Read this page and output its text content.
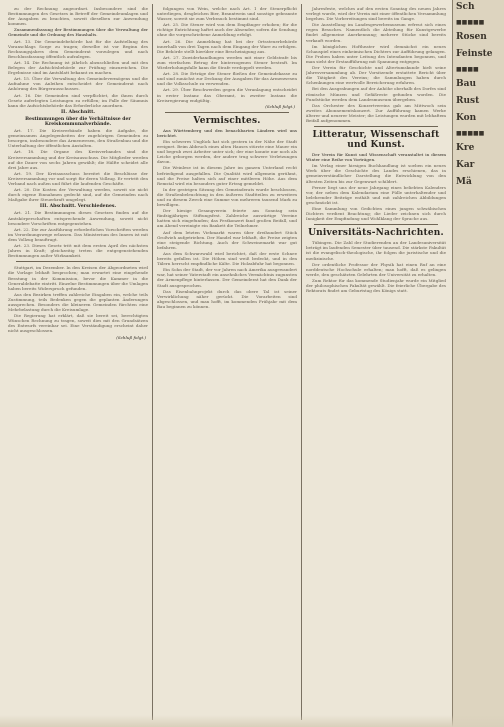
zu der Rechnung angeordnet. Insbesondere sind die Bestimmungen des Gesetzes in Betreff der Gemeindeumlagen und der Ausgaben zu beachten, soweit dieselben zur Anwendung kommen.

Zusammenfassung der Bestimmungen über die Verwaltung der Gemeinde und die Ordnung des Haushalts.

Art. 13. Die Gemeindebehörde hat für die Aufstellung des Voranschlags Sorge zu tragen; derselbe ist vor Beginn des Rechnungsjahres dem Gemeinderat vorzulegen und nach Beschlussfassung öffentlich aufzulegen.

Art. 14. Die Rechnung ist jährlich abzuschließen und mit den Belegen der Aufsichtsbehörde zur Prüfung einzureichen. Die Ergebnisse sind im Amtsblatt bekannt zu machen.

Art. 15. Über die Verwaltung des Gemeindevermögens und die Aufnahme von Anleihen entscheidet der Gemeinderat nach Anhörung des Bürgerausschusses.

Art. 16. Die Gemeinden sind verpflichtet, die ihnen durch Gesetz auferlegten Leistungen zu erfüllen; im Falle der Säumnis kann die Aufsichtsbehörde das Erforderliche anordnen.

II. Abschnitt.

Bestimmungen über die Verhältnisse der Kreiskommunalverbände.

Art. 17. Die Kreisverbände haben die Aufgabe, die gemeinsamen Angelegenheiten der zugehörigen Gemeinden zu besorgen, insbesondere das Armenwesen, den Straßenbau und die Unterhaltung der öffentlichen Anstalten.

Art. 18. Die Organe des Kreisverbandes sind die Kreisversammlung und der Kreisausschuss. Die Mitglieder werden auf die Dauer von sechs Jahren gewählt; die Hälfte scheidet alle drei Jahre aus.

Art. 19. Der Kreisausschuss bereitet die Beschlüsse der Kreisversammlung vor und sorgt für deren Vollzug. Er vertritt den Verband nach außen und führt die laufenden Geschäfte.

Art. 20. Die Kosten der Verwaltung werden, soweit sie nicht durch eigene Einnahmen gedeckt sind, auf die Gemeinden nach Maßgabe ihrer Steuerkraft umgelegt.

III. Abschnitt. Verschiedenes.

Art. 21. Die Bestimmungen dieses Gesetzes finden auf die Amtskörperschaften entsprechende Anwendung, soweit nicht besondere Vorschriften entgegenstehen.

Art. 22. Die zur Ausführung erforderlichen Vorschriften werden im Verordnungswege erlassen. Das Ministerium des Innern ist mit dem Vollzug beauftragt.

Art. 23. Dieses Gesetz tritt mit dem ersten April des nächsten Jahres in Kraft; gleichzeitig treten die entgegenstehenden Bestimmungen außer Wirksamkeit.

Stuttgart, im Dezember. In den Kreisen der Abgeordneten wird die Vorlage lebhaft besprochen; man erwartet eine eingehende Beratung in der Kommission, bevor die Kammer in die Generaldebatte eintritt. Einzelne Bestimmungen über die Umlagen haben bereits Widerspruch gefunden.

Aus den Bezirken treffen zahlreiche Eingaben ein, welche teils Zustimmung, teils Bedenken gegen die geplanten Änderungen aussprechen. Besonders die kleineren Gemeinden fürchten eine Mehrbelastung durch die Kreisumlage.

Die Regierung hat erklärt, daß sie bereit sei, berechtigten Wünschen Rechnung zu tragen, soweit dies mit den Grundsätzen des Entwurfs vereinbar sei. Eine Verständigung erscheint daher nicht ausgeschlossen.

(Schluß folgt.)

folgungen von Wein, welche nach Art. 1 der Steuerpflicht unterliegen, desgleichen Bier, Branntwein und sonstige gebrannte Wasser, soweit sie zum Verbrauch bestimmt sind.

Art. 25. Die Steuer wird von dem Empfänger erhoben; für die richtige Entrichtung haftet auch der Absender, sofern die Sendung ohne die vorgeschriebene Anmeldung erfolgt.

Art. 26. Die Anmeldung hat bei der Ortssteuerbehörde innerhalb von drei Tagen nach dem Eingang der Ware zu erfolgen. Die Behörde stellt hierüber eine Bescheinigung aus.

Art. 27. Zuwiderhandlungen werden mit einer Geldstrafe bis zum vierfachen Betrag der hinterzogenen Steuer bestraft. Im Wiederholungsfalle kann die Strafe verdoppelt werden.

Art. 28. Die Erträge der Steuer fließen der Gemeindekasse zu und sind zunächst zur Deckung der Ausgaben für das Armenwesen und die Volksschule zu verwenden.

Art. 29. Über Beschwerden gegen die Veranlagung entscheidet in erster Instanz das Oberamt, in zweiter Instanz die Kreisregierung endgültig.

(Schluß folgt.)

Vermischtes.

Aus Württemberg und den benachbarten Ländern wird uns berichtet.

Ein schweres Unglück hat sich gestern in der Nähe der Stadt ereignet. Beim Abbruch eines alten Hauses stürzte eine Mauer ein und begrub zwei Arbeiter unter sich; der eine konnte nur noch als Leiche geborgen werden, der andere trug schwere Verletzungen davon.

Die Weinlese ist in diesem Jahre im ganzen Unterland recht befriedigend ausgefallen. Die Qualität wird allgemein gerühmt, und die Preise halten sich auf einer mittleren Höhe. Aus dem Remstal wird ein besonders guter Ertrag gemeldet.

In der gestrigen Sitzung des Gemeinderats wurde beschlossen, die Straßenbeleuchtung in den äußeren Stadtteilen zu erweitern und zu diesem Zweck eine Summe von mehreren tausend Mark zu bewilligen.

Der hiesige Gesangverein feierte am Sonntag sein fünfzigjähriges Stiftungsfest. Zahlreiche auswärtige Vereine hatten sich eingefunden; das Festkonzert fand großen Beifall, und am Abend vereinigte ein Bankett die Teilnehmer.

Auf dem letzten Viehmarkt waren über dreihundert Stück Großvieh aufgetrieben. Der Handel war lebhaft, die Preise zeigten eine steigende Richtung. Auch der Schweinemarkt war gut befahren.

Aus dem Schwarzwald wird berichtet, daß der erste Schnee bereits gefallen ist. Die Höhen sind weiß bedeckt, und in den Tälern herrscht empfindliche Kälte. Die Holzabfuhr hat begonnen.

Ein Sohn der Stadt, der vor Jahren nach Amerika ausgewandert war, hat seiner Vaterstadt ein ansehnliches Vermächtnis zugunsten der Armenpflege hinterlassen. Der Gemeinderat hat den Dank der Stadt ausgesprochen.

Das Eisenbahnprojekt durch das obere Tal ist seiner Verwirklichung näher gerückt. Die Vorarbeiten sind abgeschlossen, und man hofft, im kommenden Frühjahr mit dem Bau beginnen zu können.

Jahresfeste, welches auf den ersten Sonntag des neuen Jahres verlegt wurde, wird der Verein mit einer öffentlichen Versammlung begehen. Die Vorbereitungen sind bereits im Gange.

Die Ausstellung im Landesgewerbemuseum erfreut sich eines regen Besuches. Namentlich die Abteilung für Kunstgewerbe findet allgemeine Anerkennung; mehrere Stücke sind bereits verkauft worden.

Im königlichen Hoftheater wird demnächst ein neues Schauspiel eines einheimischen Dichters zur Aufführung gelangen. Die Proben haben unter Leitung des Intendanten begonnen, und man sieht der Erstaufführung mit Spannung entgegen.

Der Verein für Geschichte und Altertumskunde hielt seine Jahresversammlung ab. Der Vorsitzende erstattete Bericht über die Tätigkeit des Vereins; die Sammlungen haben durch Schenkungen eine wertvolle Bereicherung erfahren.

Bei den Ausgrabungen auf der Anhöhe oberhalb des Dorfes sind römische Münzen und Gefäßreste gefunden worden. Die Fundstücke werden dem Landesmuseum übergeben.

Das Orchester des Konzertvereins gab am Mittwoch sein zweites Abonnementskonzert. Zur Aufführung kamen Werke älterer und neuerer Meister; die Leistungen wurden mit lebhaftem Beifall aufgenommen.

Litteratur, Wissenschaft und Kunst.

Der Verein für Kunst und Wissenschaft veranstaltet in diesem Winter eine Reihe von Vorträgen.

Im Verlag einer hiesigen Buchhandlung ist soeben ein neues Werk über die Geschichte des Landes erschienen, das in gemeinverständlicher Darstellung die Entwicklung von den ältesten Zeiten bis zur Gegenwart schildert.

Ferner liegt uns der neue Jahrgang eines beliebten Kalenders vor, der neben dem Kalendarium eine Fülle unterhaltender und belehrender Beiträge enthält und mit zahlreichen Abbildungen geschmückt ist.

Eine Sammlung von Gedichten eines jungen schwäbischen Dichters verdient Beachtung; die Lieder zeichnen sich durch Innigkeit der Empfindung und Wohlklang der Sprache aus.

Universitäts-Nachrichten.

Tübingen. Die Zahl der Studierenden an der Landesuniversität beträgt im laufenden Semester über tausend. Die stärkste Fakultät ist die evangelisch-theologische, ihr folgen die juristische und die medizinische.

Der ordentliche Professor der Physik hat einen Ruf an eine norddeutsche Hochschule erhalten; man hofft, daß es gelingen werde, den geschätzten Gelehrten der Universität zu erhalten.

Zum Rektor für das kommende Studienjahr wurde ein Mitglied der philosophischen Fakultät gewählt. Die feierliche Übergabe des Rektorats findet am Geburtstag des Königs statt.

Sch
■■■■■
Rosen
Feinste
■■■■
Bau
Rust
Kon
■■■■■
Kre
Kar
Mä
